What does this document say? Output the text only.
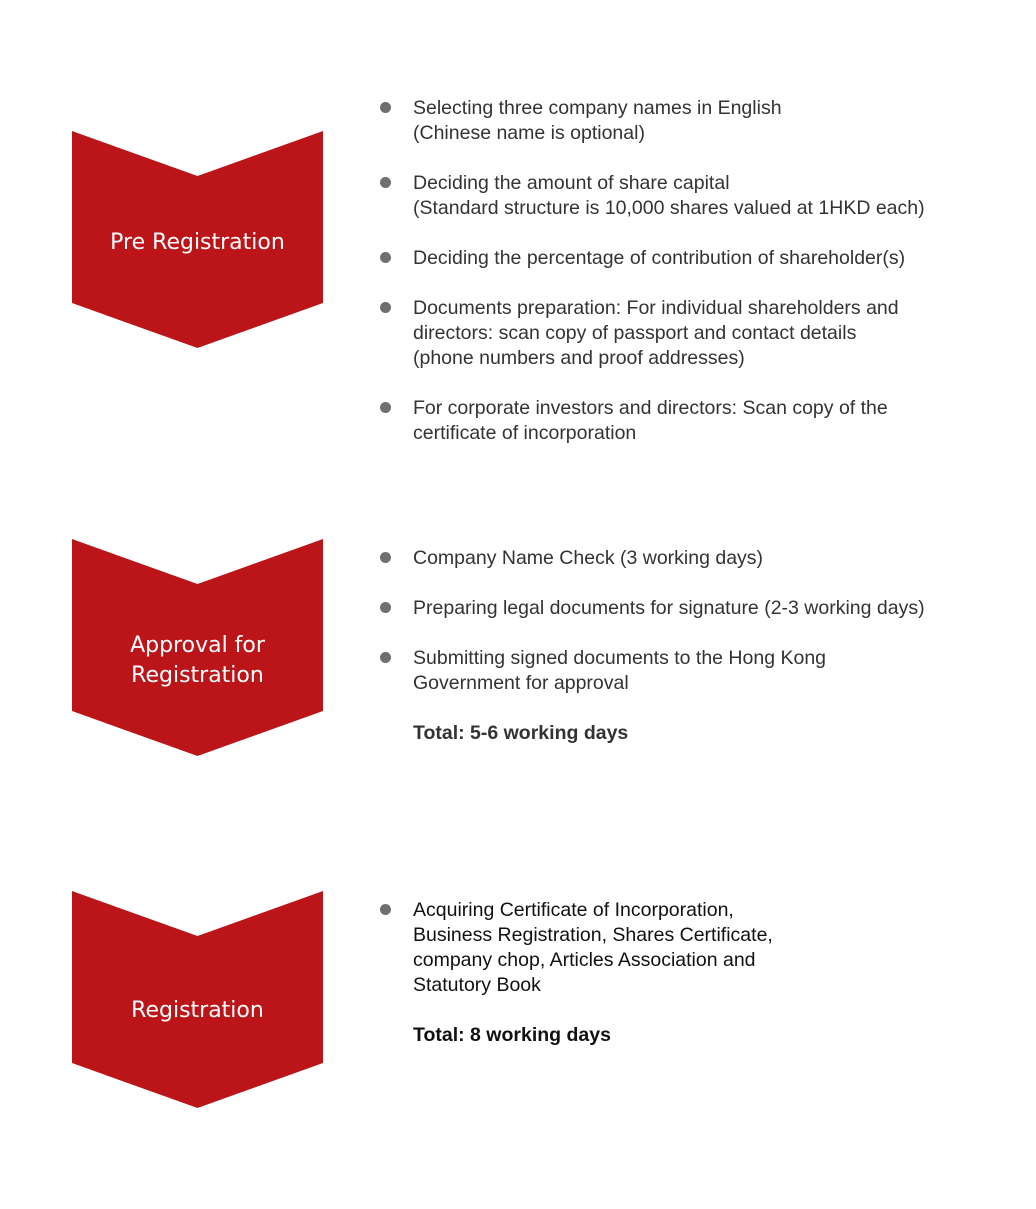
Pre Registration
Selecting three company names in English
(Chinese name is optional)
Deciding the amount of share capital
(Standard structure is 10,000 shares valued at 1HKD each)
Deciding the percentage of contribution of shareholder(s)
Documents preparation: For individual shareholders and
directors: scan copy of passport and contact details
(phone numbers and proof addresses)
For corporate investors and directors: Scan copy of the
certificate of incorporation
Approval for
Registration
Company Name Check (3 working days)
Preparing legal documents for signature (2-3 working days)
Submitting signed documents to the Hong Kong
Government for approval
Total: 5-6 working days
Registration
Acquiring Certificate of Incorporation,
Business Registration, Shares Certificate,
company chop, Articles Association and
Statutory Book
Total: 8 working days
